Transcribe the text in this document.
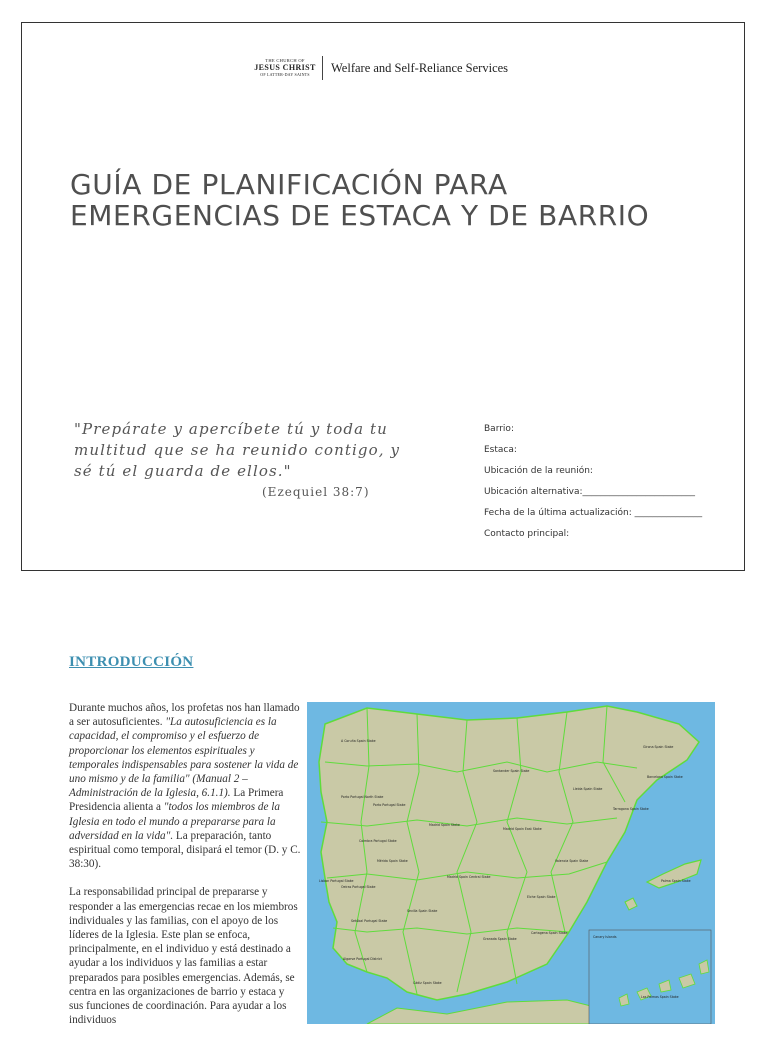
THE CHURCH OF
JESUS CHRIST
OF LATTER-DAY SAINTS
Welfare and Self-Reliance Services
GUÍA DE PLANIFICACIÓN PARA EMERGENCIAS DE ESTACA Y DE BARRIO
"Prepárate y apercíbete tú y toda tu multitud que se ha reunido contigo, y sé tú el guarda de ellos."
(Ezequiel 38:7)
Barrio:
Estaca:
Ubicación de la reunión:
Ubicación alternativa:_________________________
Fecha de la última actualización: _______________
Contacto principal:
INTRODUCCIÓN

Durante muchos años, los profetas nos han llamado a ser autosuficientes. "La autosuficiencia es la capacidad, el compromiso y el esfuerzo de proporcionar los elementos espirituales y temporales indispensables para sostener la vida de uno mismo y de la familia" (Manual 2 – Administración de la Iglesia, 6.1.1). La Primera Presidencia alienta a "todos los miembros de la Iglesia en todo el mundo a prepararse para la adversidad en la vida". La preparación, tanto espiritual como temporal, disipará el temor (D. y C. 38:30).

La responsabilidad principal de prepararse y responder a las emergencias recae en los miembros individuales y las familias, con el apoyo de los líderes de la Iglesia. Este plan se enfoca, principalmente, en el individuo y está destinado a ayudar a los individuos y las familias a estar preparados para posibles emergencias. Además, se centra en las organizaciones de barrio y estaca y sus funciones de coordinación. Para ayudar a los individuos

Canary Islands
A Coruña Spain Stake
Santander Spain Stake
Barcelona Spain Stake
Porto Portugal North Stake
Porto Portugal Stake
Lleida Spain Stake
Madrid Spain Stake
Madrid Spain East Stake
Girona Spain Stake
Valencia Spain Stake
Coimbra Portugal Stake
Lisbon Portugal Stake
Oeiras Portugal Stake
Madrid Spain Central Stake
Setúbal Portugal Stake
Elche Spain Stake
Sevilla Spain Stake
Granada Spain Stake
Cartagena Spain Stake
Algarve Portugal District
Cádiz Spain Stake
Palma Spain Stake
Tarragona Spain Stake
Las Palmas Spain Stake
Mérida Spain Stake
